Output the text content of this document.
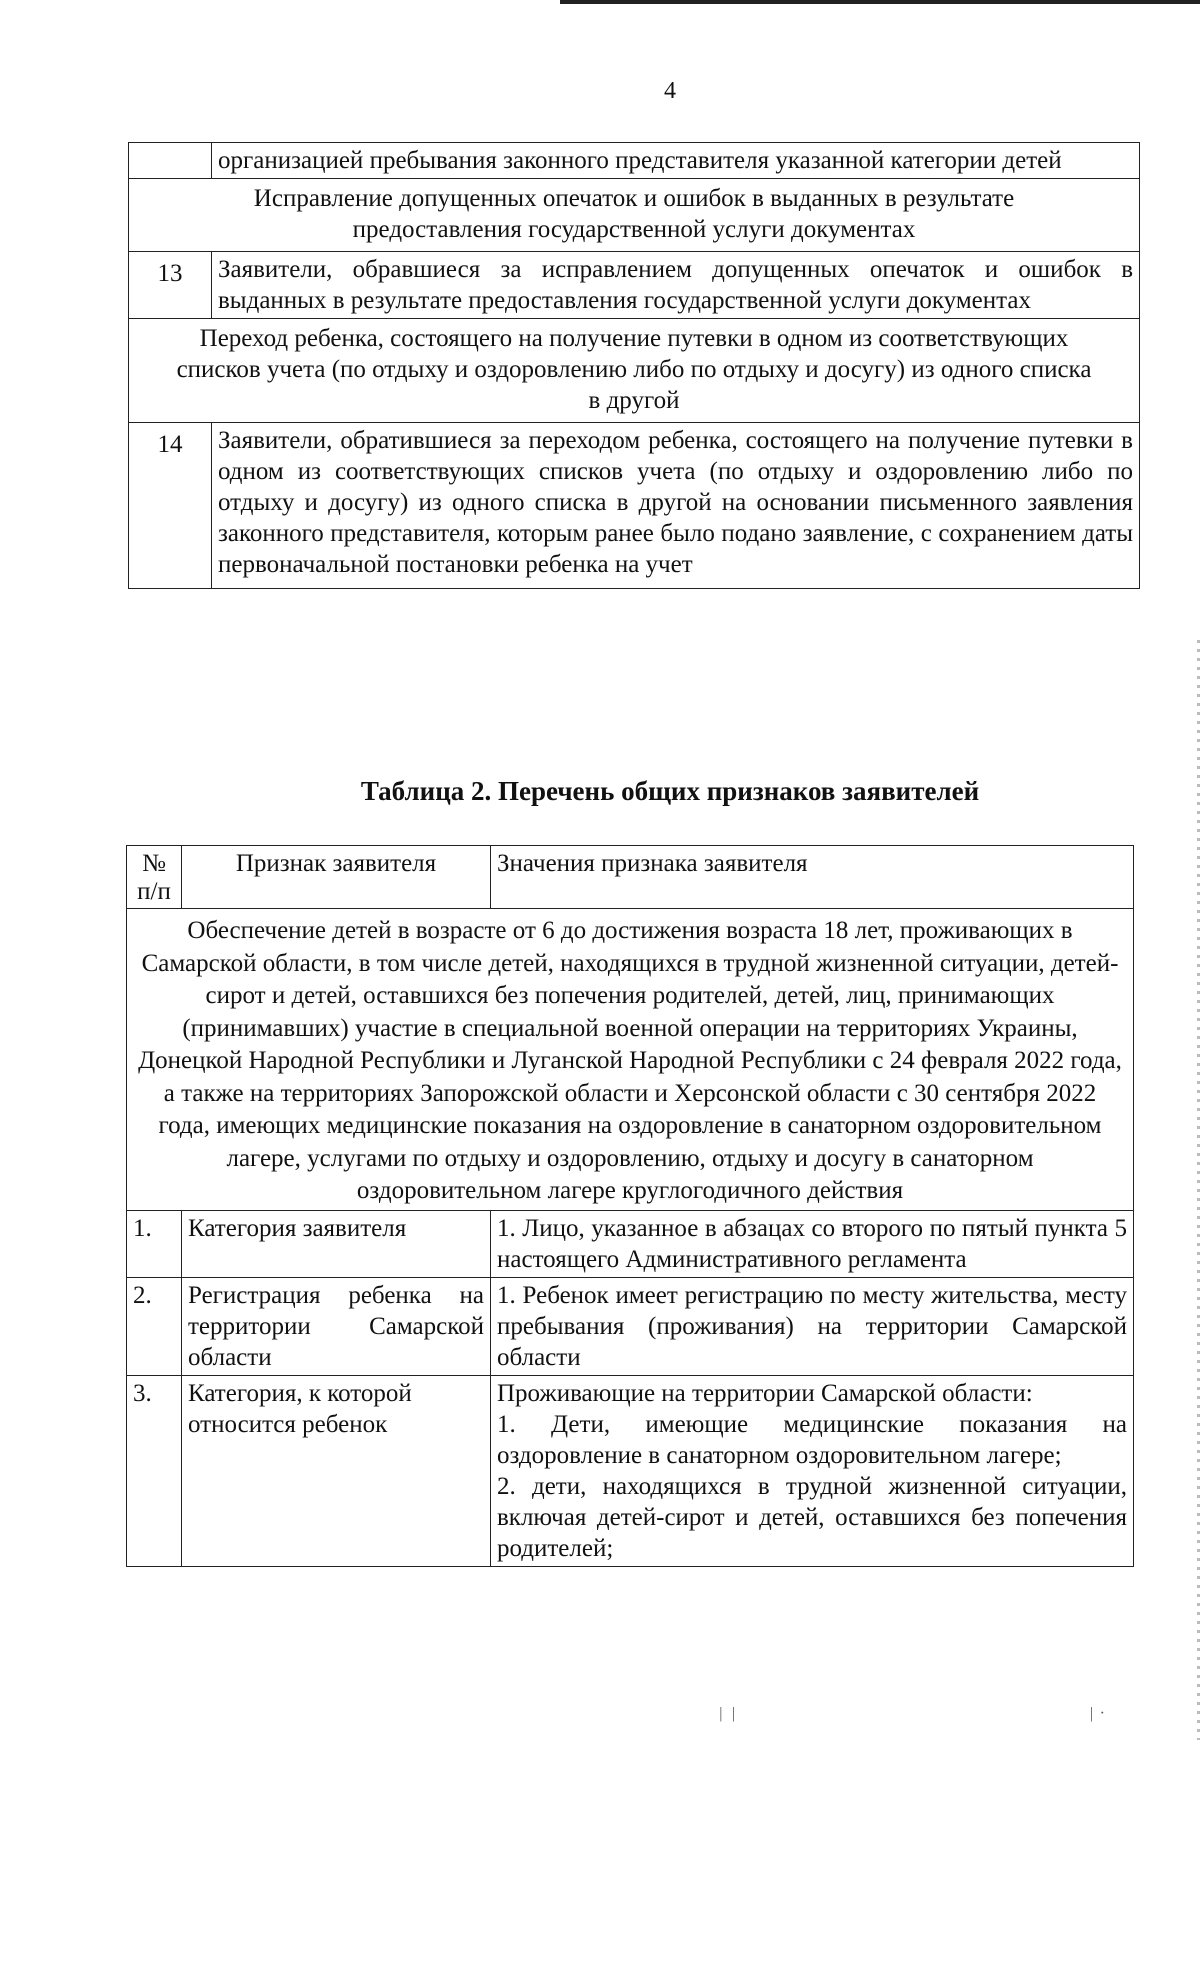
4
	организацией пребывания законного представителя указанной категории детей
Исправление допущенных опечаток и ошибок в выданных в результате предоставления государственной услуги документах	
13	Заявители, обравшиеся за исправлением допущенных опечаток и ошибок в выданных в результате предоставления государственной услуги документах
Переход ребенка, состоящего на получение путевки в одном из соответствующих списков учета (по отдыху и оздоровлению либо по отдыху и досугу) из одного списка в другой	
14	Заявители, обратившиеся за переходом ребенка, состоящего на получение путевки в одном из соответствующих списков учета (по отдыху и оздоровлению либо по отдыху и досугу) из одного списка в другой на основании письменного заявления законного представителя, которым ранее было подано заявление, с сохранением даты первоначальной постановки ребенка на учет
Таблица 2. Перечень общих признаков заявителей
№ п/п	Признак заявителя	Значения признака заявителя
Обеспечение детей в возрасте от 6 до достижения возраста 18 лет, проживающих в Самарской области, в том числе детей, находящихся в трудной жизненной ситуации, детей-сирот и детей, оставшихся без попечения родителей, детей, лиц, принимающих (принимавших) участие в специальной военной операции на территориях Украины, Донецкой Народной Республики и Луганской Народной Республики с 24 февраля 2022 года, а также на территориях Запорожской области и Херсонской области с 30 сентября 2022 года, имеющих медицинские показания на оздоровление в санаторном оздоровительном лагере, услугами по отдыху и оздоровлению, отдыху и досугу в санаторном оздоровительном лагере круглогодичного действия		
1.	Категория заявителя	1. Лицо, указанное в абзацах со второго по пятый пункта 5 настоящего Административного регламента
2.	Регистрация ребенка на территории Самарской области	1. Ребенок имеет регистрацию по месту жительства, месту пребывания (проживания) на территории Самарской области
3.	Категория, к которой относится ребенок	Проживающие на территории Самарской области:
1. Дети, имеющие медицинские показания на оздоровление в санаторном оздоровительном лагере;
2. дети, находящихся в трудной жизненной ситуации, включая детей-сирот и детей, оставшихся без попечения родителей;
 |   |	|  ·
